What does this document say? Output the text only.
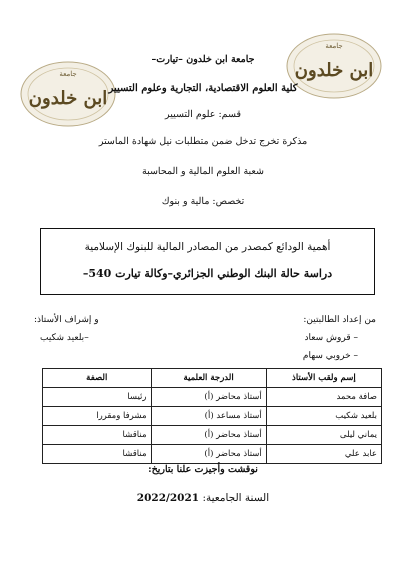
جامعة
ابن خلدون
جامعة
ابن خلدون
جامعة ابن خلدون –تيارت–
كلية العلوم الاقتصادية، التجارية وعلوم التسيير
قسم: علوم التسيير
مذكرة تخرج تدخل ضمن متطلبات نيل شهادة الماستر
شعبة العلوم المالية و المحاسبة
تخصص: مالية و بنوك
أهمية الودائع كمصدر من المصادر المالية للبنوك الإسلامية
دراسة حالة البنك الوطني الجزائري–وكالة تيارت 540–
من إعداد الطالبتين:
و إشراف الأستاذ:
– قروش سعاد
–بلعيد شكيب
– خروبي سهام
إسم ولقب الأستاذ	الدرجة العلمية	الصفة
صافة محمد	أستاذ محاضر (أ)	رئيسا
بلعيد شكيب	أستاذ مساعد (أ)	مشرفا ومقررا
يماني ليلى	أستاذ محاضر (أ)	مناقشا
عابد علي	أستاذ محاضر (أ)	مناقشا
نوقشت وأجيزت علنا بتاريخ:
السنة الجامعية: 2022/2021
